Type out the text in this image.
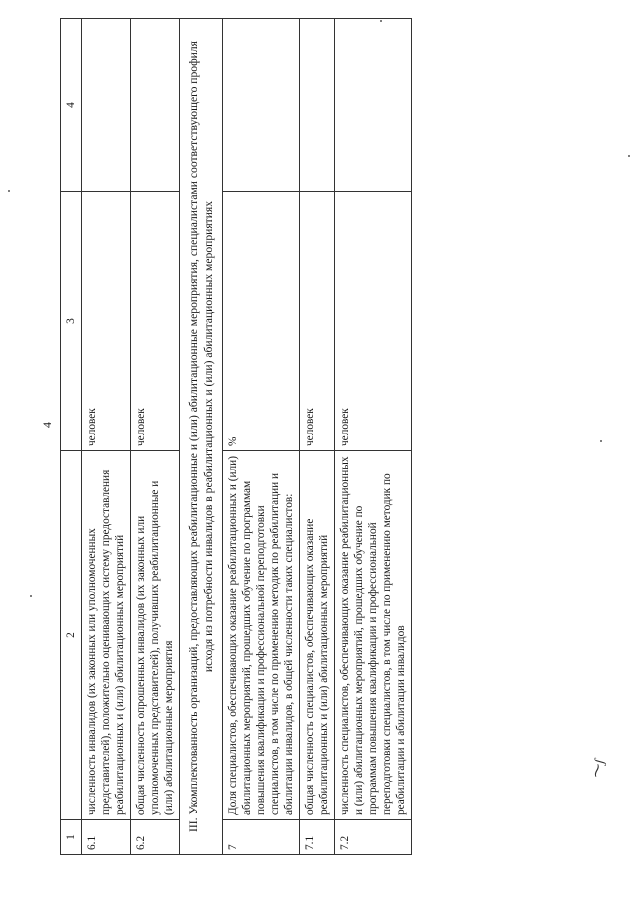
4
1	2	3	4
6.1	численность инвалидов (их законных или уполномоченных представителей), положительно оценивающих систему предоставления реабилитационных и (или) абилитационных мероприятий	человек	
6.2	общая численность опрошенных инвалидов (их законных или уполномоченных представителей), получивших реабилитационные и (или) абилитационные мероприятия	человек	
III. Укомплектованность организаций, предоставляющих реабилитационные и (или) абилитационные мероприятия, специалистами соответствующего профиля исходя из потребности инвалидов в реабилитационных и (или) абилитационных мероприятиях			
7	Доля специалистов, обеспечивающих оказание реабилитационных и (или) абилитационных мероприятий, прошедших обучение по программам повышения квалификации и профессиональной переподготовки специалистов, в том числе по применению методик по реабилитации и абилитации инвалидов, в общей численности таких специалистов:	%	
7.1	общая численность специалистов, обеспечивающих оказание реабилитационных и (или) абилитационных мероприятий	человек	
7.2	численность специалистов, обеспечивающих оказание реабилитационных и (или) абилитационных мероприятий, прошедших обучение по программам повышения квалификации и профессиональной переподготовки специалистов, в том числе по применению методик по реабилитации и абилитации инвалидов	человек	
⁓ʃ
